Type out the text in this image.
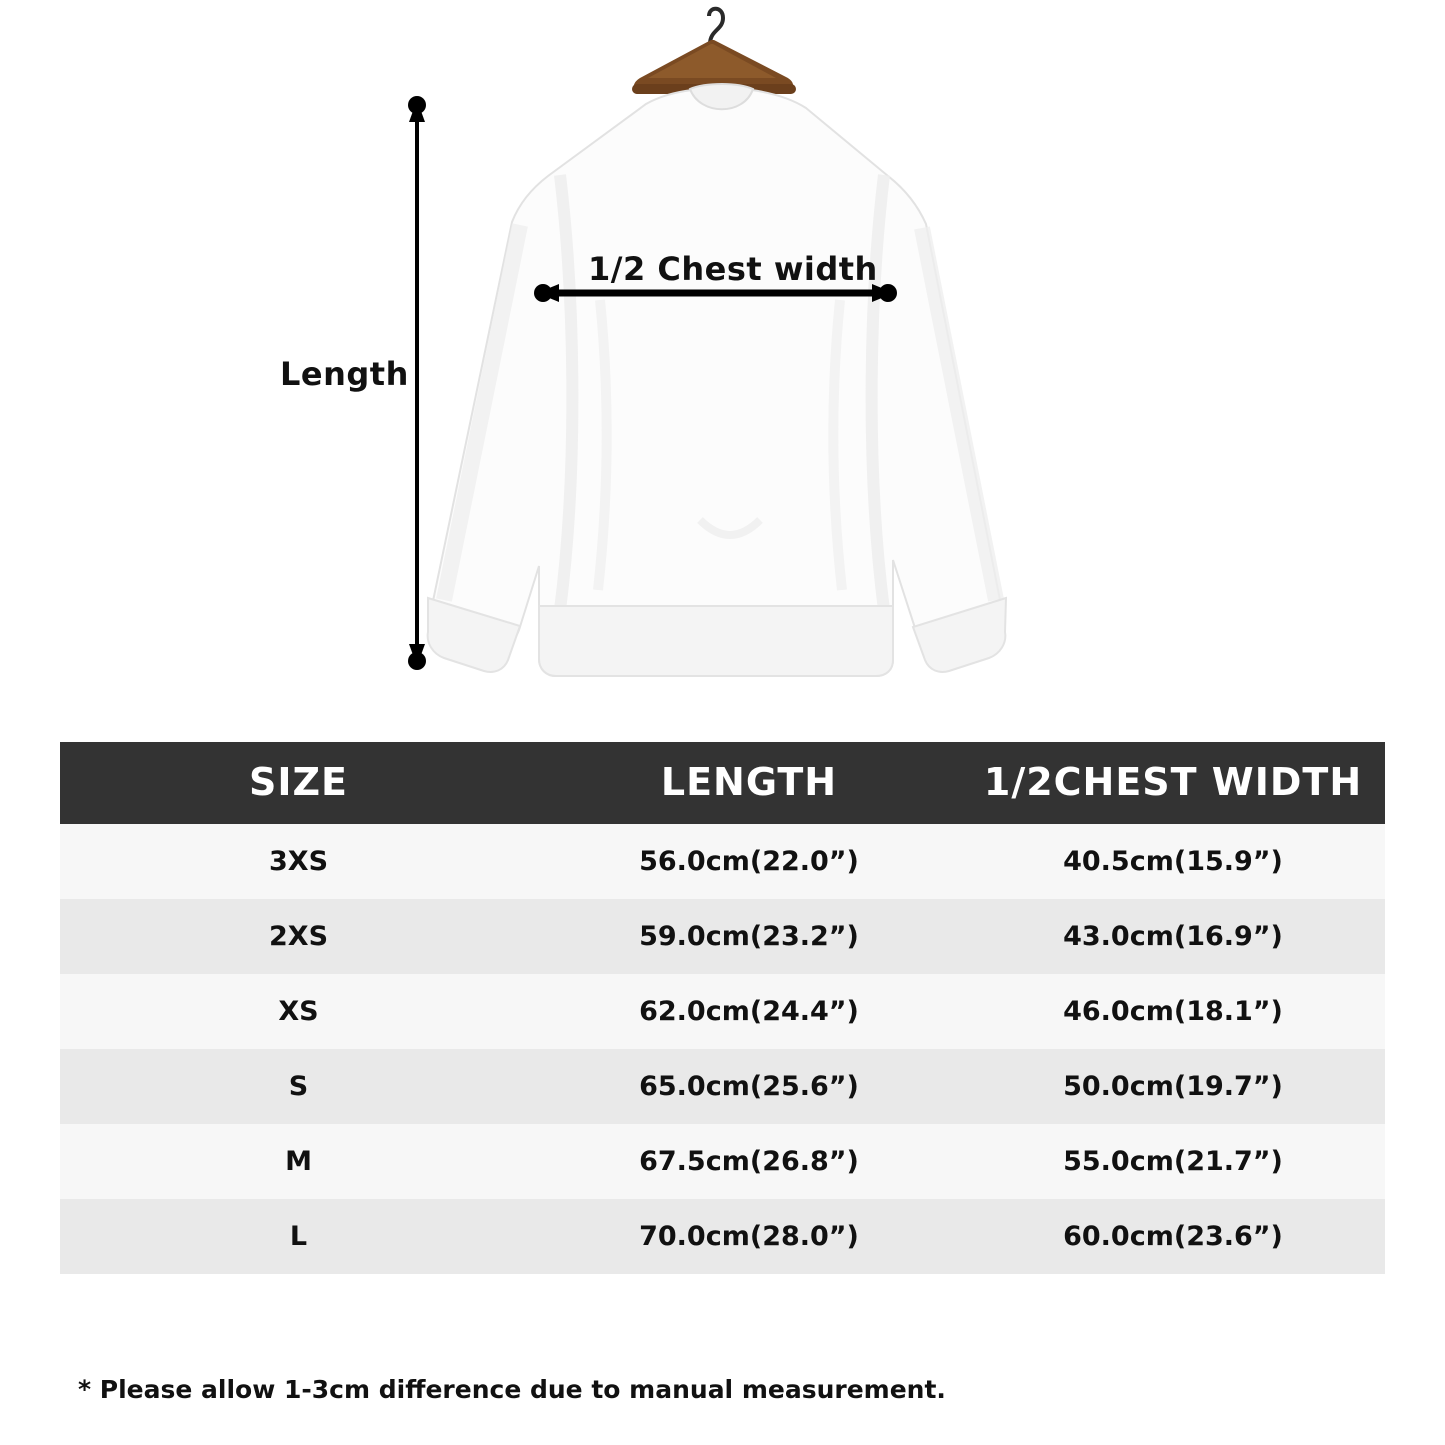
Length
1/2 Chest width
SIZE	LENGTH	1/2CHEST WIDTH
3XS	56.0cm(22.0”)	40.5cm(15.9”)
2XS	59.0cm(23.2”)	43.0cm(16.9”)
XS	62.0cm(24.4”)	46.0cm(18.1”)
S	65.0cm(25.6”)	50.0cm(19.7”)
M	67.5cm(26.8”)	55.0cm(21.7”)
L	70.0cm(28.0”)	60.0cm(23.6”)
* Please allow 1-3cm difference due to manual measurement.
